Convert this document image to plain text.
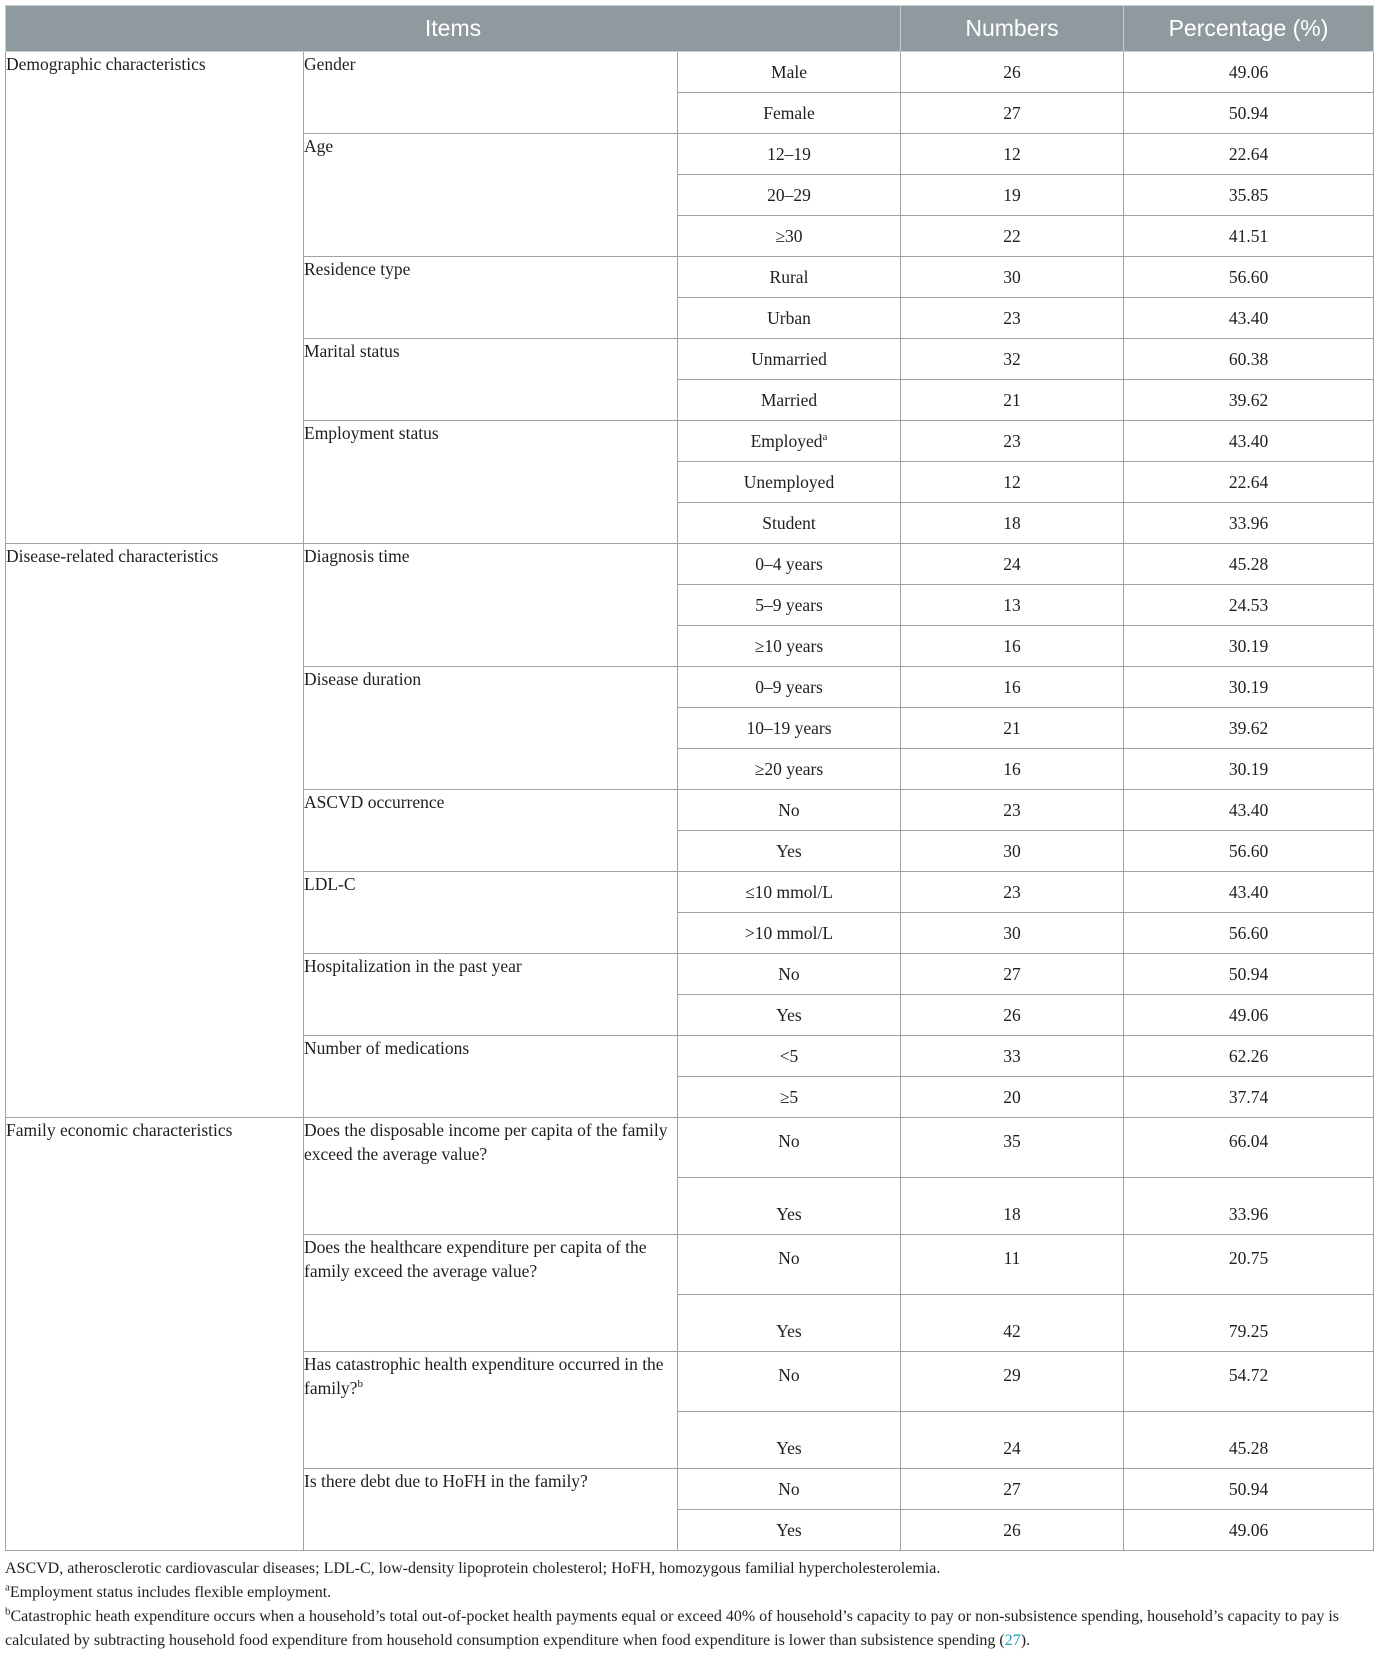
Items			Numbers	Percentage (%)
Demographic characteristics	Gender	Male	26	49.06
		Female	27	50.94
	Age	12–19	12	22.64
		20–29	19	35.85
		≥30	22	41.51
	Residence type	Rural	30	56.60
		Urban	23	43.40
	Marital status	Unmarried	32	60.38
		Married	21	39.62
	Employment status	Employed$^a$	23	43.40
		Unemployed	12	22.64
		Student	18	33.96
Disease-related characteristics	Diagnosis time	0–4 years	24	45.28
		5–9 years	13	24.53
		≥10 years	16	30.19
	Disease duration	0–9 years	16	30.19
		10–19 years	21	39.62
		≥20 years	16	30.19
	ASCVD occurrence	No	23	43.40
		Yes	30	56.60
	LDL-C	≤10 mmol/L	23	43.40
		>10 mmol/L	30	56.60
	Hospitalization in the past year	No	27	50.94
		Yes	26	49.06
	Number of medications	<5	33	62.26
		≥5	20	37.74
Family economic characteristics	Does the disposable income per capita of the family exceed the average value?	No	35	66.04
		Yes	18	33.96
	Does the healthcare expenditure per capita of the family exceed the average value?	No	11	20.75
		Yes	42	79.25
	Has catastrophic health expenditure occurred in the family?$^b$	No	29	54.72
		Yes	24	45.28
	Is there debt due to HoFH in the family?	No	27	50.94
		Yes	26	49.06

ASCVD, atherosclerotic cardiovascular diseases; LDL-C, low-density lipoprotein cholesterol; HoFH, homozygous familial hypercholesterolemia.

$^a$Employment status includes flexible employment.

$^b$Catastrophic heath expenditure occurs when a household’s total out-of-pocket health payments equal or exceed 40% of household’s capacity to pay or non-subsistence spending, household’s capacity to pay is calculated by subtracting household food expenditure from household consumption expenditure when food expenditure is lower than subsistence spending (27).
